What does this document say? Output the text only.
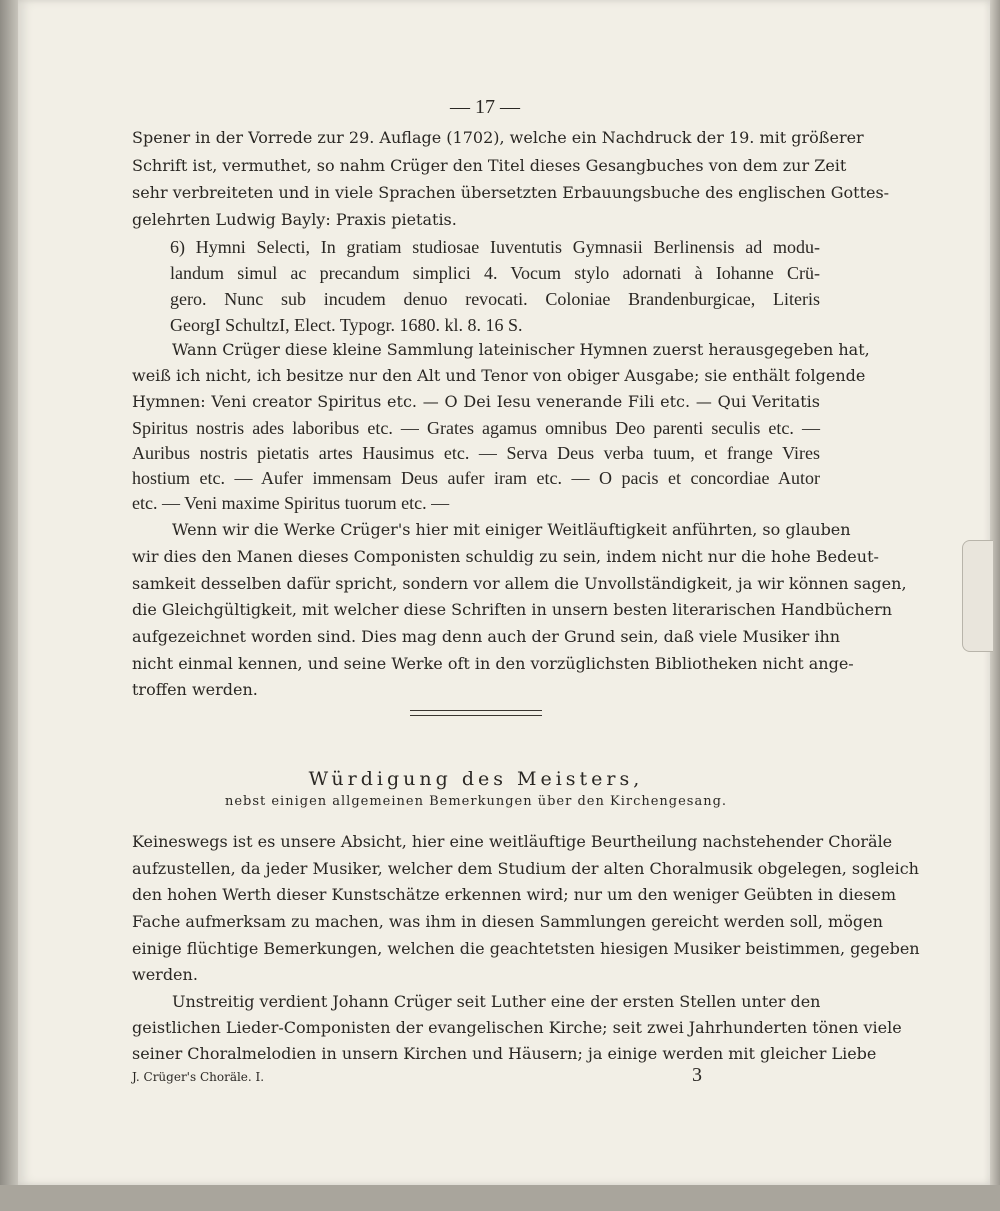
— 17 —
Spener in der Vorrede zur 29. Auflage (1702), welche ein Nachdruck der 19. mit größerer
Schrift ist, vermuthet, so nahm Crüger den Titel dieses Gesangbuches von dem zur Zeit
sehr verbreiteten und in viele Sprachen übersetzten Erbauungsbuche des englischen Gottes-
gelehrten Ludwig Bayly: Praxis pietatis.
6) Hymni Selecti, In gratiam studiosae Iuventutis Gymnasii Berlinensis ad modu-
landum simul ac precandum simplici 4. Vocum stylo adornati à Iohanne Crü-
gero. Nunc sub incudem denuo revocati. Coloniae Brandenburgicae, Literis
GeorgI SchultzI, Elect. Typogr. 1680. kl. 8. 16 S.
Wann Crüger diese kleine Sammlung lateinischer Hymnen zuerst herausgegeben hat,
weiß ich nicht, ich besitze nur den Alt und Tenor von obiger Ausgabe; sie enthält folgende
Hymnen: Veni creator Spiritus etc. — O Dei Iesu venerande Fili etc. — Qui Veritatis
Spiritus nostris ades laboribus etc. — Grates agamus omnibus Deo parenti seculis etc. —
Auribus nostris pietatis artes Hausimus etc. — Serva Deus verba tuum, et frange Vires
hostium etc. — Aufer immensam Deus aufer iram etc. — O pacis et concordiae Autor
etc. — Veni maxime Spiritus tuorum etc. —
Wenn wir die Werke Crüger's hier mit einiger Weitläuftigkeit anführten, so glauben
wir dies den Manen dieses Componisten schuldig zu sein, indem nicht nur die hohe Bedeut-
samkeit desselben dafür spricht, sondern vor allem die Unvollständigkeit, ja wir können sagen,
die Gleichgültigkeit, mit welcher diese Schriften in unsern besten literarischen Handbüchern
aufgezeichnet worden sind. Dies mag denn auch der Grund sein, daß viele Musiker ihn
nicht einmal kennen, und seine Werke oft in den vorzüglichsten Bibliotheken nicht ange-
troffen werden.
Würdigung des Meisters,
nebst einigen allgemeinen Bemerkungen über den Kirchengesang.
Keineswegs ist es unsere Absicht, hier eine weitläuftige Beurtheilung nachstehender Choräle
aufzustellen, da jeder Musiker, welcher dem Studium der alten Choralmusik obgelegen, sogleich
den hohen Werth dieser Kunstschätze erkennen wird; nur um den weniger Geübten in diesem
Fache aufmerksam zu machen, was ihm in diesen Sammlungen gereicht werden soll, mögen
einige flüchtige Bemerkungen, welchen die geachtetsten hiesigen Musiker beistimmen, gegeben
werden.
Unstreitig verdient Johann Crüger seit Luther eine der ersten Stellen unter den
geistlichen Lieder-Componisten der evangelischen Kirche; seit zwei Jahrhunderten tönen viele
seiner Choralmelodien in unsern Kirchen und Häusern; ja einige werden mit gleicher Liebe
J. Crüger's Choräle. I.	3
